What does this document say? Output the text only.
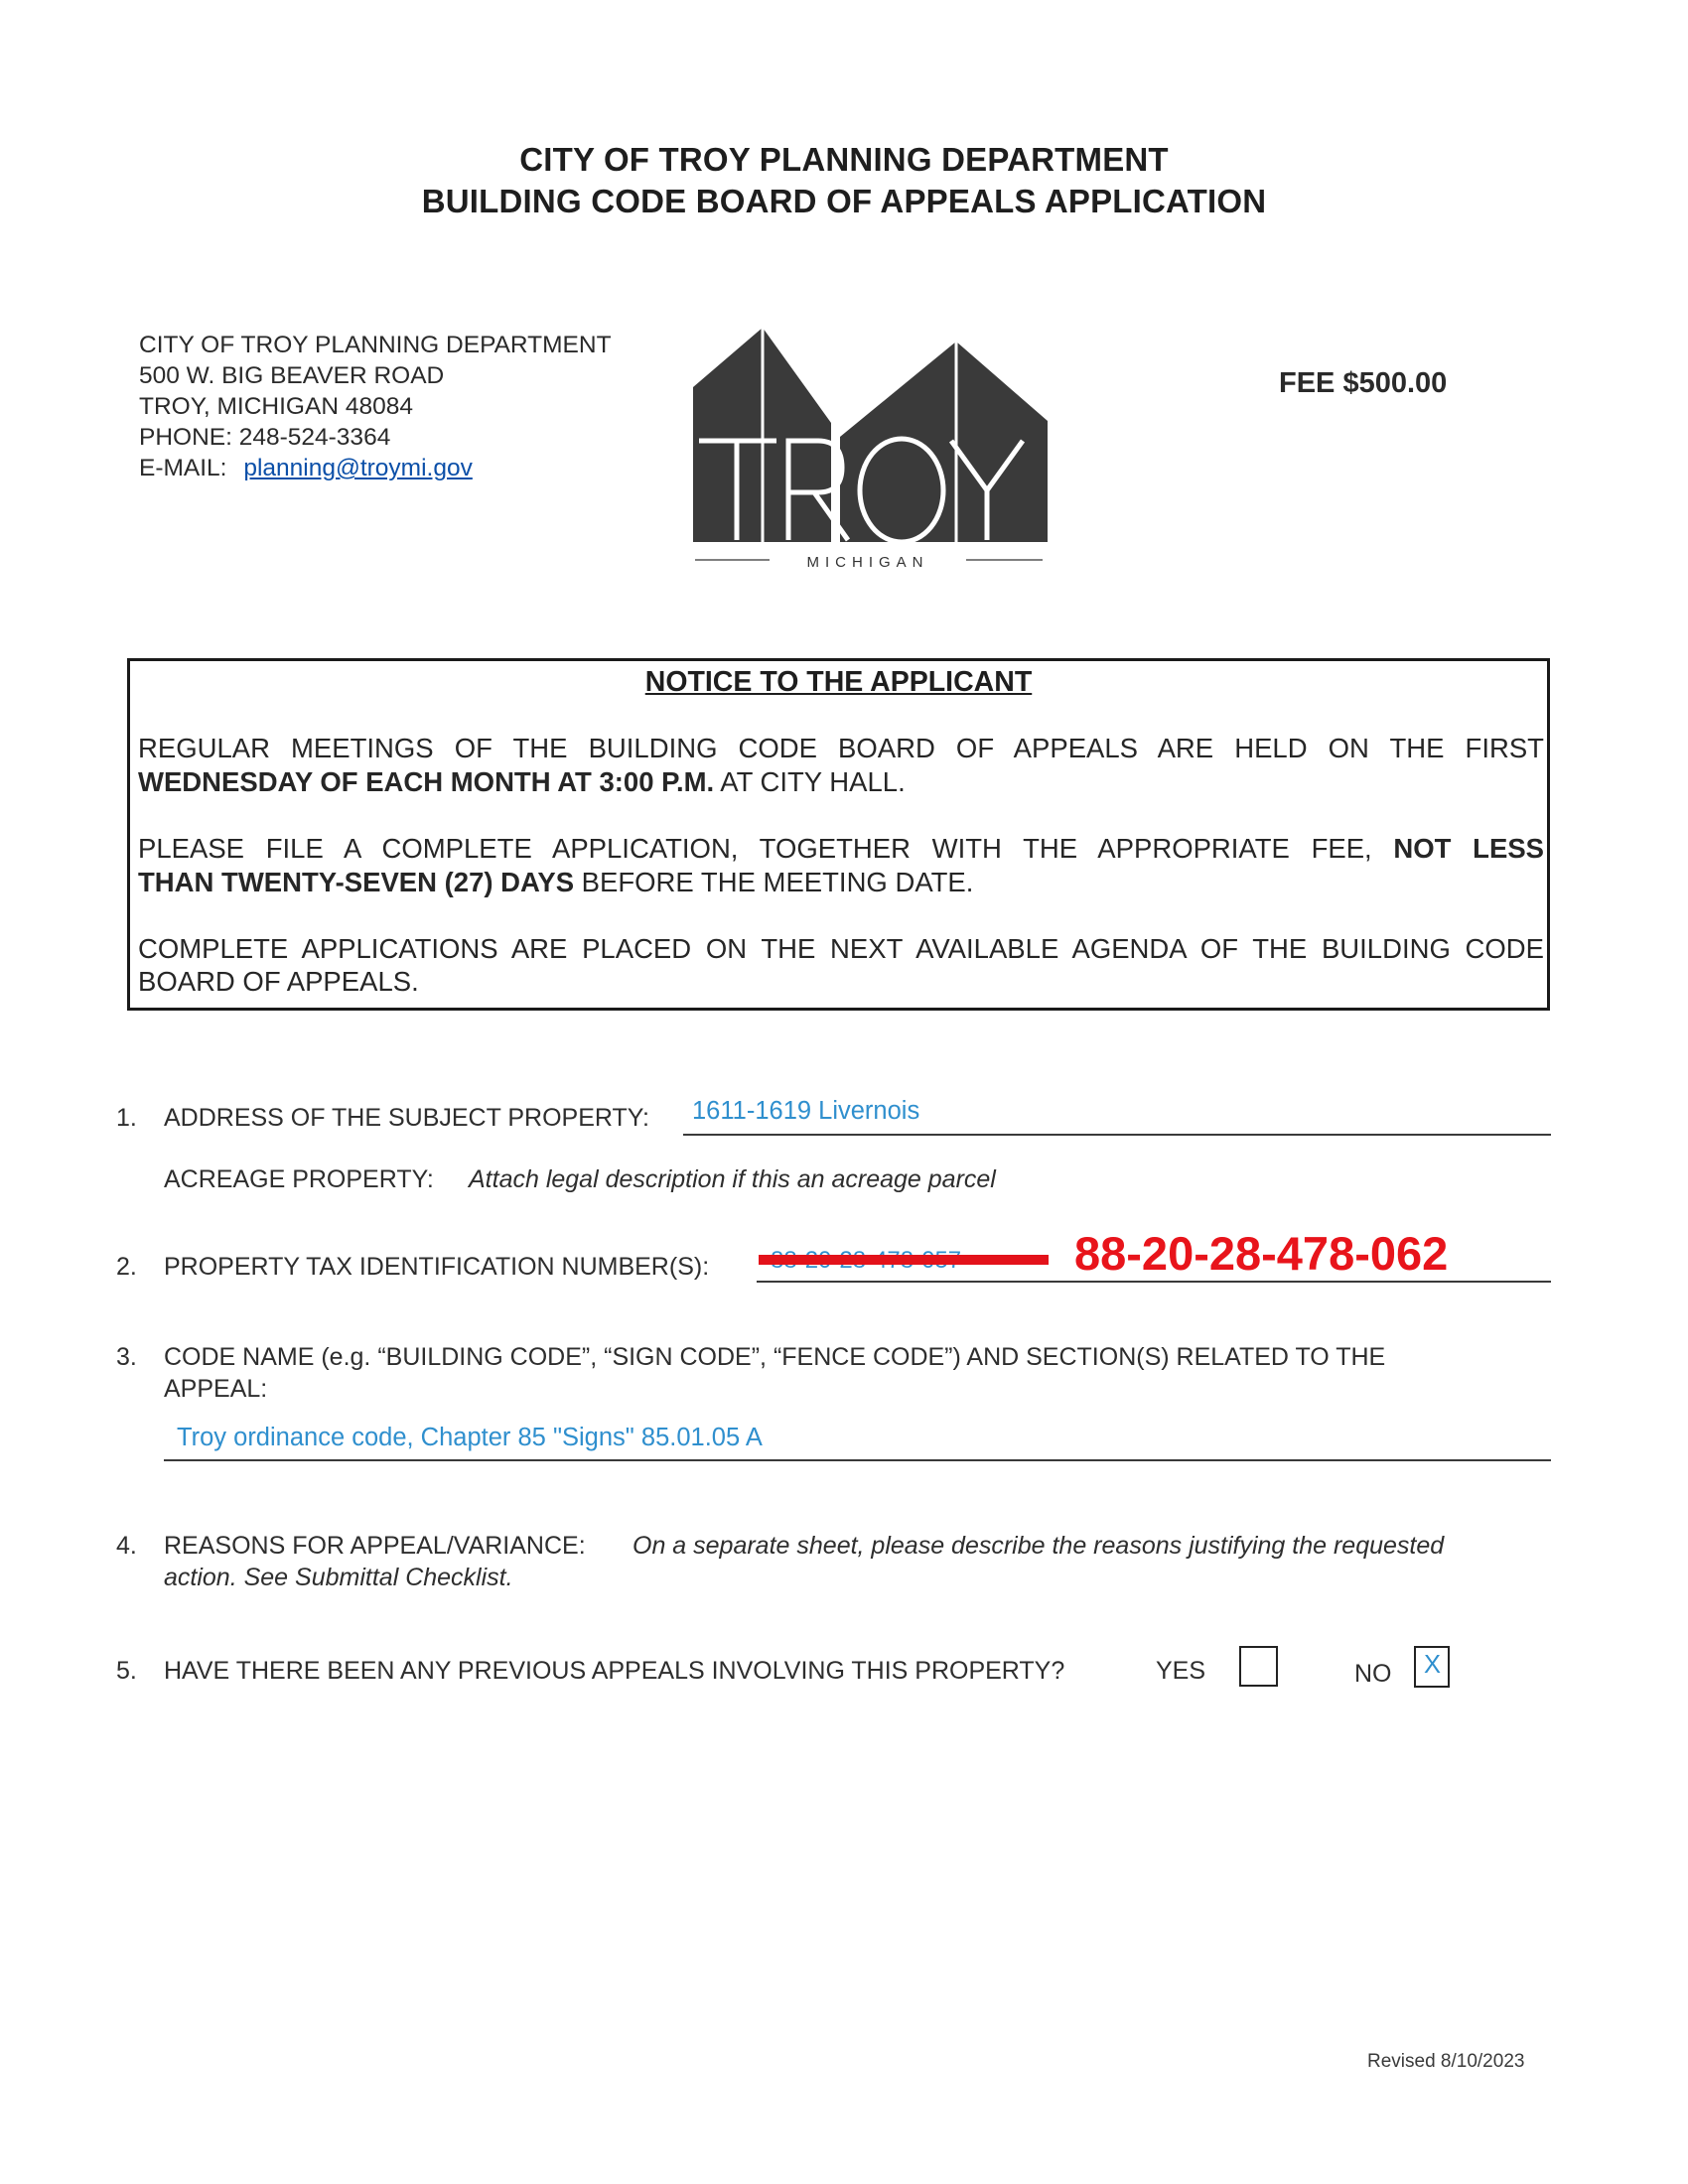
CITY OF TROY PLANNING DEPARTMENT
BUILDING CODE BOARD OF APPEALS APPLICATION
CITY OF TROY PLANNING DEPARTMENT
500 W. BIG BEAVER ROAD
TROY, MICHIGAN 48084
PHONE: 248-524-3364
E-MAIL: planning@troymi.gov
MICHIGAN
FEE $500.00
NOTICE TO THE APPLICANT
REGULAR MEETINGS OF THE BUILDING CODE BOARD OF APPEALS ARE HELD ON THE FIRST
WEDNESDAY OF EACH MONTH AT 3:00 P.M. AT CITY HALL.
PLEASE FILE A COMPLETE APPLICATION, TOGETHER WITH THE APPROPRIATE FEE, NOT LESS
THAN TWENTY-SEVEN (27) DAYS BEFORE THE MEETING DATE.
COMPLETE APPLICATIONS ARE PLACED ON THE NEXT AVAILABLE AGENDA OF THE BUILDING CODE BOARD OF APPEALS.
1. ADDRESS OF THE SUBJECT PROPERTY: 1611-1619 Livernois
ACREAGE PROPERTY: Attach legal description if this an acreage parcel
2. PROPERTY TAX IDENTIFICATION NUMBER(S):	88-20-28-478-062
3. CODE NAME (e.g. “BUILDING CODE”, “SIGN CODE”, “FENCE CODE”) AND SECTION(S) RELATED TO THE
APPEAL:
Troy ordinance code, Chapter 85 "Signs" 85.01.05 A
4. REASONS FOR APPEAL/VARIANCE: On a separate sheet, please describe the reasons justifying the requested
action. See Submittal Checklist.
5. HAVE THERE BEEN ANY PREVIOUS APPEALS INVOLVING THIS PROPERTY?	YES	NO X
Revised 8/10/2023
